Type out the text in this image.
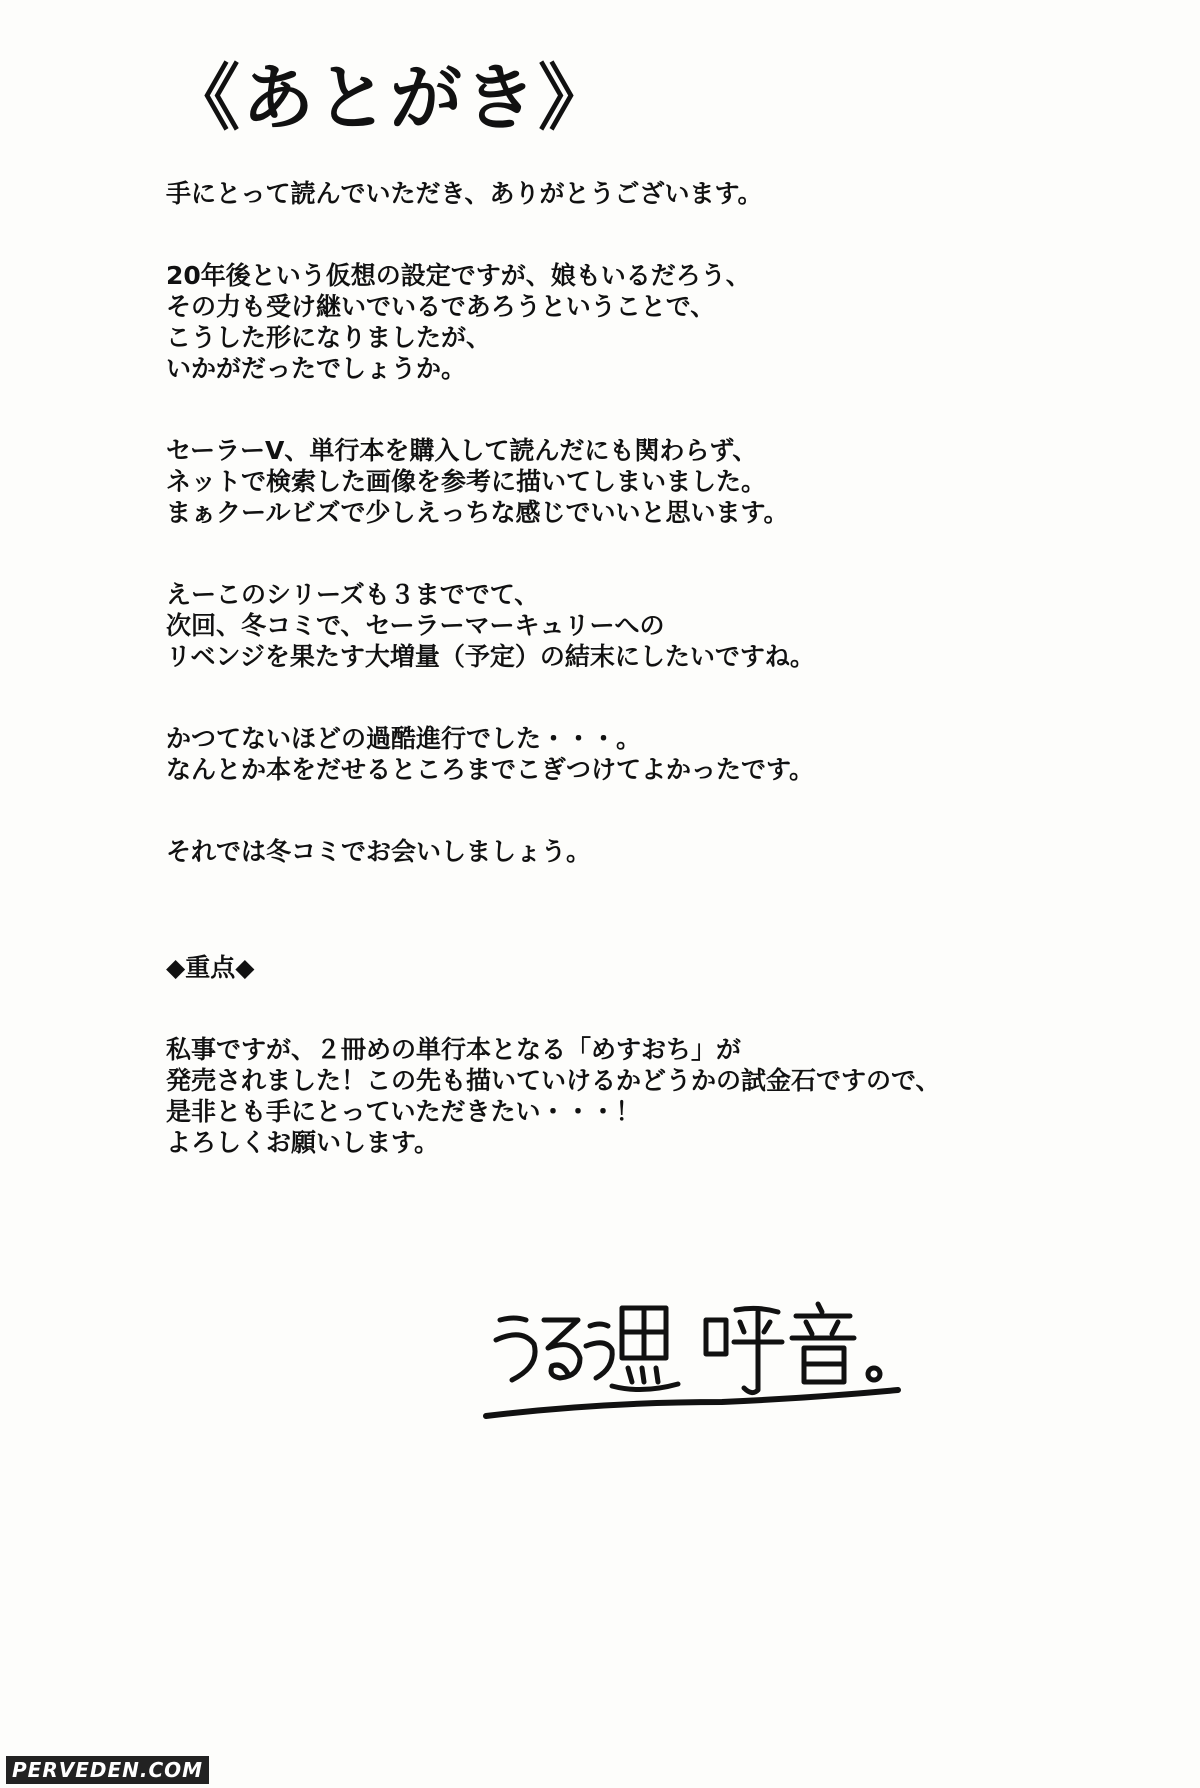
《あとがき》

手にとって読んでいただき、ありがとうございます。

20年後という仮想の設定ですが、娘もいるだろう、
その力も受け継いでいるであろうということで、
こうした形になりましたが、
いかがだったでしょうか。

セーラーV、単行本を購入して読んだにも関わらず、
ネットで検索した画像を参考に描いてしまいました。
まぁクールビズで少しえっちな感じでいいと思います。

えーこのシリーズも３まででて、
次回、冬コミで、セーラーマーキュリーへの
リベンジを果たす大増量（予定）の結末にしたいですね。

かつてないほどの過酷進行でした・・・。
なんとか本をだせるところまでこぎつけてよかったです。

それでは冬コミでお会いしましょう。

◆重点◆

私事ですが、２冊めの単行本となる「めすおち」が
発売されました！この先も描いていけるかどうかの試金石ですので、
是非とも手にとっていただきたい・・・！
よろしくお願いします。

PERVEDEN.COM
